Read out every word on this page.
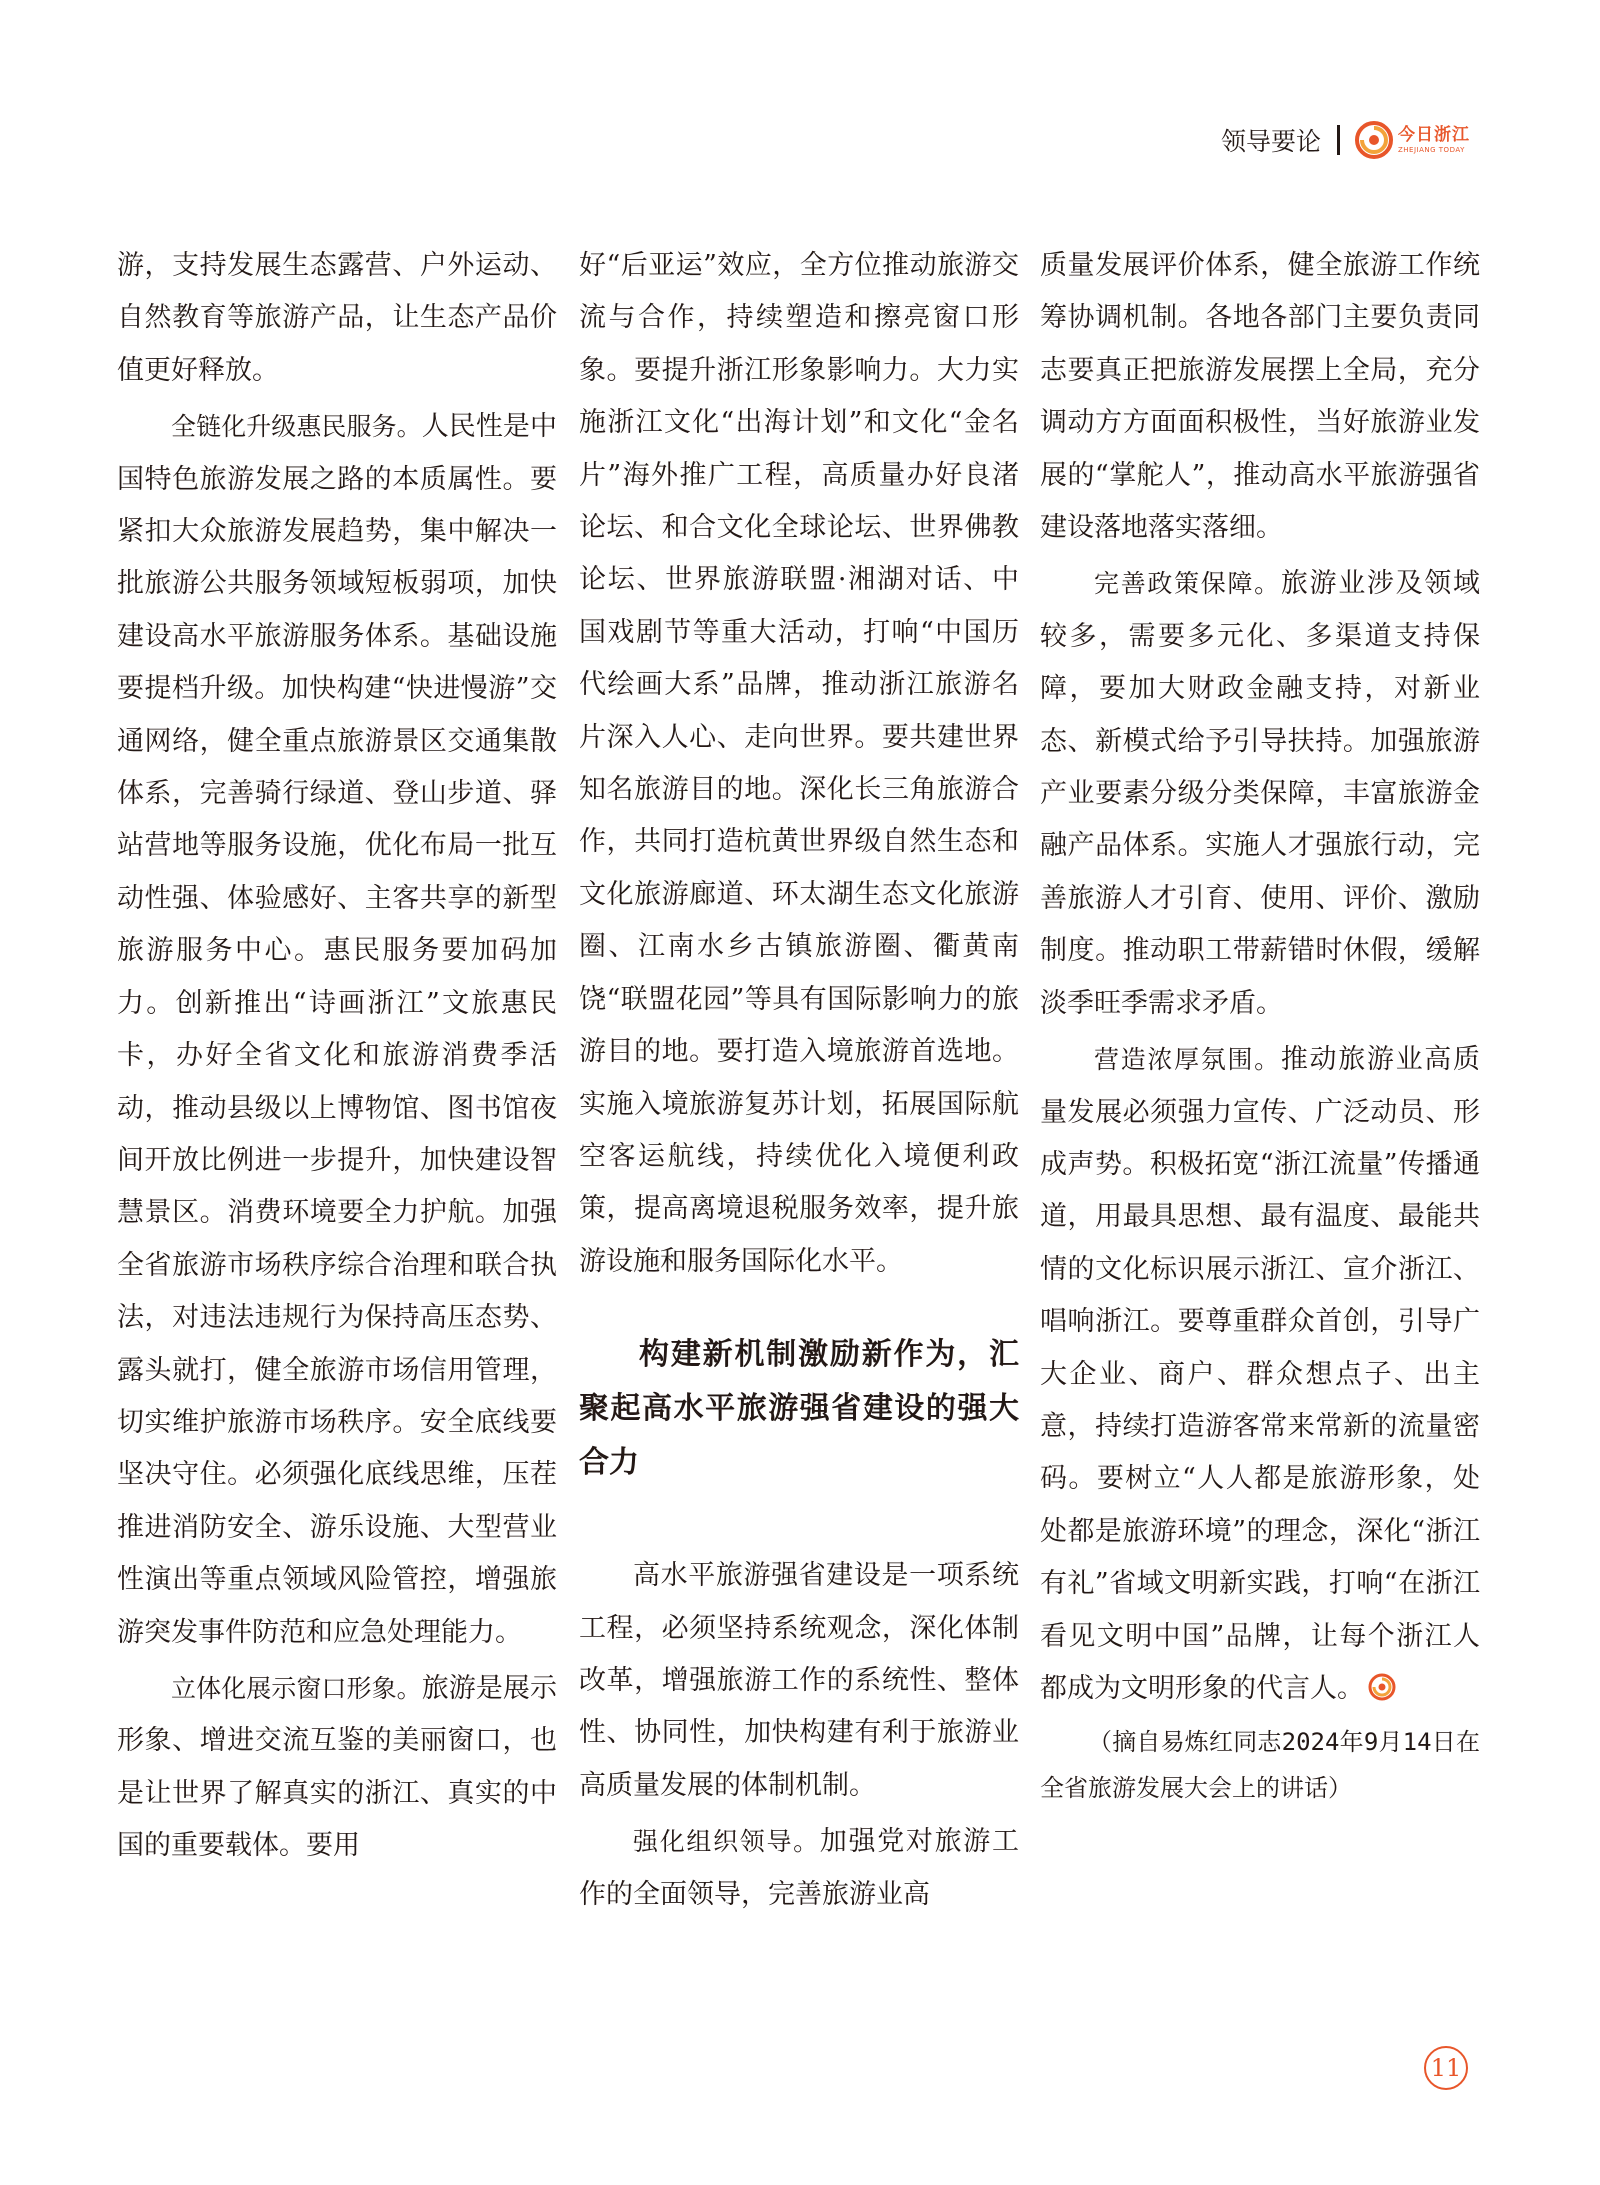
领导要论	今日浙江
ZHEJIANG TODAY

游，支持发展生态露营、户外运动、自然教育等旅游产品，让生态产品价值更好释放。

全链化升级惠民服务。人民性是中国特色旅游发展之路的本质属性。要紧扣大众旅游发展趋势，集中解决一批旅游公共服务领域短板弱项，加快建设高水平旅游服务体系。基础设施要提档升级。加快构建“快进慢游”交通网络，健全重点旅游景区交通集散体系，完善骑行绿道、登山步道、驿站营地等服务设施，优化布局一批互动性强、体验感好、主客共享的新型旅游服务中心。惠民服务要加码加力。创新推出“诗画浙江”文旅惠民卡，办好全省文化和旅游消费季活动，推动县级以上博物馆、图书馆夜间开放比例进一步提升，加快建设智慧景区。消费环境要全力护航。加强全省旅游市场秩序综合治理和联合执法，对违法违规行为保持高压态势、露头就打，健全旅游市场信用管理，切实维护旅游市场秩序。安全底线要坚决守住。必须强化底线思维，压茬推进消防安全、游乐设施、大型营业性演出等重点领域风险管控，增强旅游突发事件防范和应急处理能力。

立体化展示窗口形象。旅游是展示形象、增进交流互鉴的美丽窗口，也是让世界了解真实的浙江、真实的中国的重要载体。要用

好“后亚运”效应，全方位推动旅游交流与合作，持续塑造和擦亮窗口形象。要提升浙江形象影响力。大力实施浙江文化“出海计划”和文化“金名片”海外推广工程，高质量办好良渚论坛、和合文化全球论坛、世界佛教论坛、世界旅游联盟·湘湖对话、中国戏剧节等重大活动，打响“中国历代绘画大系”品牌，推动浙江旅游名片深入人心、走向世界。要共建世界知名旅游目的地。深化长三角旅游合作，共同打造杭黄世界级自然生态和文化旅游廊道、环太湖生态文化旅游圈、江南水乡古镇旅游圈、衢黄南饶“联盟花园”等具有国际影响力的旅游目的地。要打造入境旅游首选地。实施入境旅游复苏计划，拓展国际航空客运航线，持续优化入境便利政策，提高离境退税服务效率，提升旅游设施和服务国际化水平。

构建新机制激励新作为，汇聚起高水平旅游强省建设的强大合力

高水平旅游强省建设是一项系统工程，必须坚持系统观念，深化体制改革，增强旅游工作的系统性、整体性、协同性，加快构建有利于旅游业高质量发展的体制机制。

强化组织领导。加强党对旅游工作的全面领导，完善旅游业高

质量发展评价体系，健全旅游工作统筹协调机制。各地各部门主要负责同志要真正把旅游发展摆上全局，充分调动方方面面积极性，当好旅游业发展的“掌舵人”，推动高水平旅游强省建设落地落实落细。

完善政策保障。旅游业涉及领域较多，需要多元化、多渠道支持保障，要加大财政金融支持，对新业态、新模式给予引导扶持。加强旅游产业要素分级分类保障，丰富旅游金融产品体系。实施人才强旅行动，完善旅游人才引育、使用、评价、激励制度。推动职工带薪错时休假，缓解淡季旺季需求矛盾。

营造浓厚氛围。推动旅游业高质量发展必须强力宣传、广泛动员、形成声势。积极拓宽“浙江流量”传播通道，用最具思想、最有温度、最能共情的文化标识展示浙江、宣介浙江、唱响浙江。要尊重群众首创，引导广大企业、商户、群众想点子、出主意，持续打造游客常来常新的流量密码。要树立“人人都是旅游形象，处处都是旅游环境”的理念，深化“浙江有礼”省域文明新实践，打响“在浙江看见文明中国”品牌，让每个浙江人都成为文明形象的代言人。

（摘自易炼红同志2024年9月14日在全省旅游发展大会上的讲话）

11
